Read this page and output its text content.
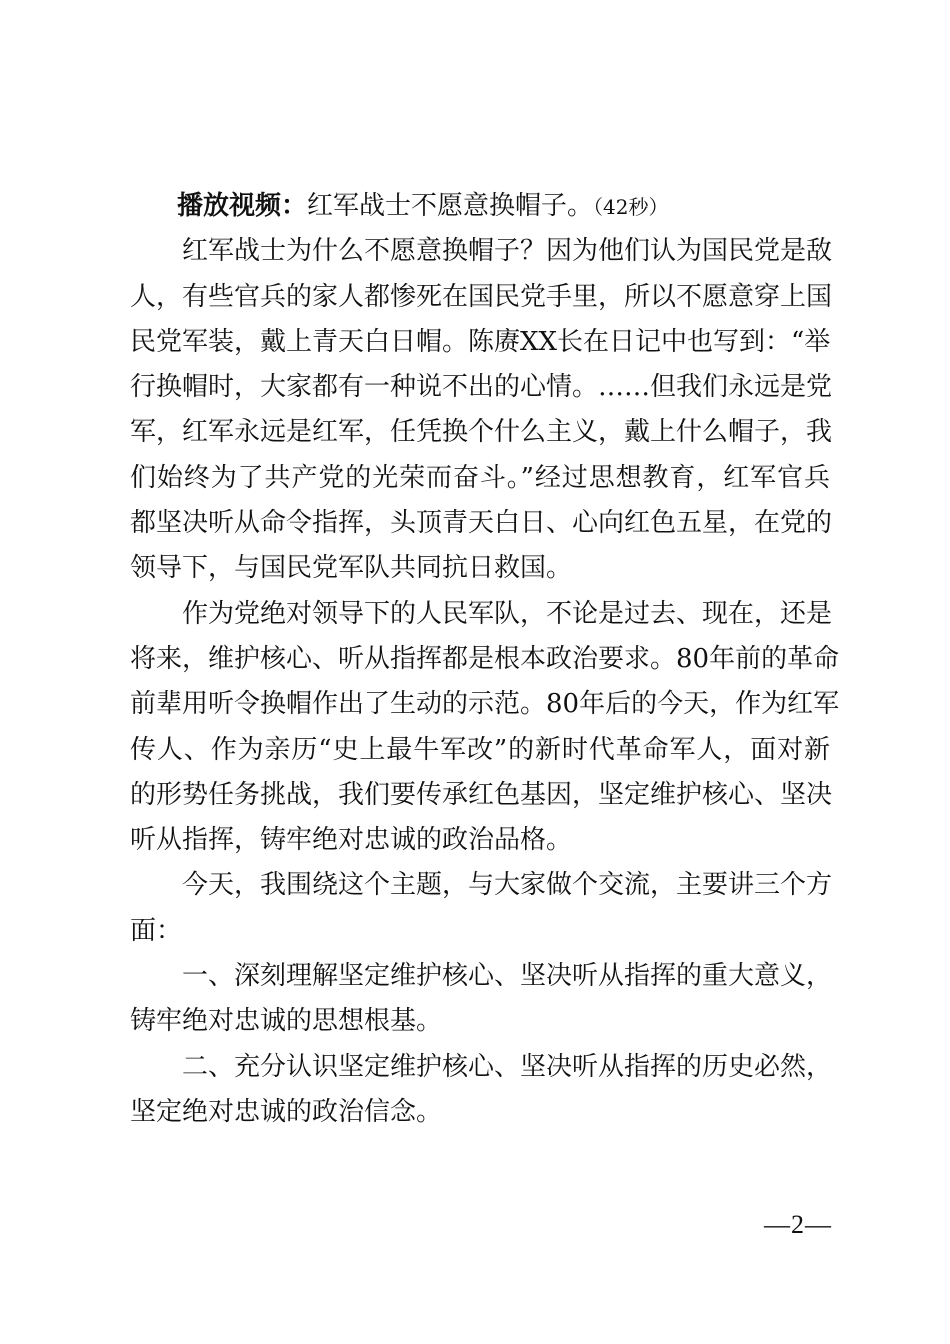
播放视频：红军战士不愿意换帽子。（42秒）
红军战士为什么不愿意换帽子？因为他们认为国民党是敌
人，有些官兵的家人都惨死在国民党手里，所以不愿意穿上国
民党军装，戴上青天白日帽。陈赓XX长在日记中也写到：“举
行换帽时，大家都有一种说不出的心情。……但我们永远是党
军，红军永远是红军，任凭换个什么主义，戴上什么帽子，我
们始终为了共产党的光荣而奋斗。”经过思想教育，红军官兵
都坚决听从命令指挥，头顶青天白日、心向红色五星，在党的
领导下，与国民党军队共同抗日救国。
作为党绝对领导下的人民军队，不论是过去、现在，还是
将来，维护核心、听从指挥都是根本政治要求。80年前的革命
前辈用听令换帽作出了生动的示范。80年后的今天，作为红军
传人、作为亲历“史上最牛军改”的新时代革命军人，面对新
的形势任务挑战，我们要传承红色基因，坚定维护核心、坚决
听从指挥，铸牢绝对忠诚的政治品格。
今天，我围绕这个主题，与大家做个交流，主要讲三个方
面：
一、深刻理解坚定维护核心、坚决听从指挥的重大意义，
铸牢绝对忠诚的思想根基。
二、充分认识坚定维护核心、坚决听从指挥的历史必然，
坚定绝对忠诚的政治信念。
—2—
